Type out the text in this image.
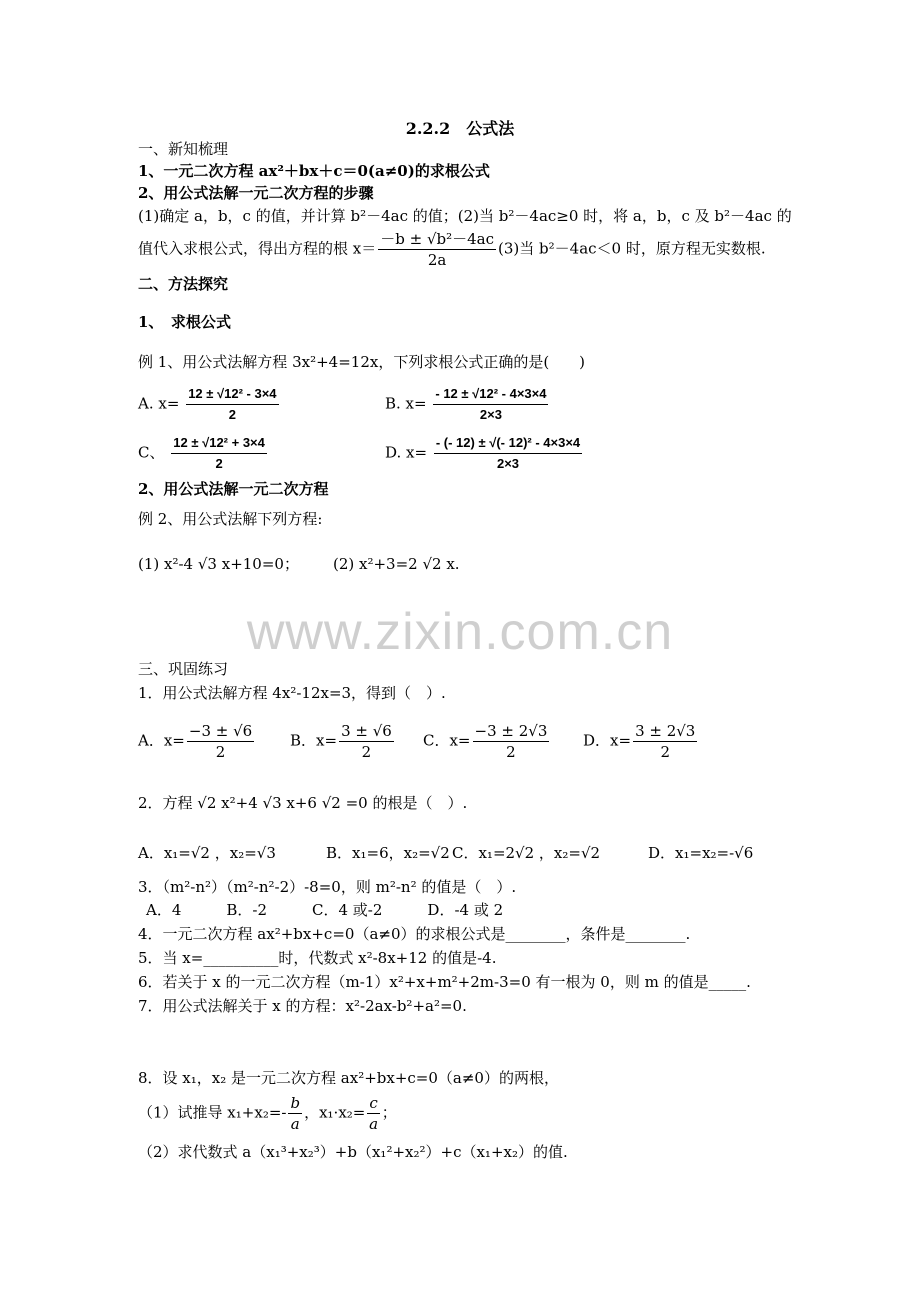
2.2.2　公式法
一、新知梳理
1、一元二次方程 ax²＋bx＋c＝0(a≠0)的求根公式
2、用公式法解一元二次方程的步骤
(1)确定 a，b，c 的值，并计算 b²－4ac 的值；(2)当 b²－4ac≥0 时，将 a，b，c 及 b²－4ac 的
值代入求根公式，得出方程的根 $x= \frac{\text{－b ± √b²－4ac}}{2a} (3)$当 b²－4ac＜0 时，原方程无实数根.
二、方法探究
1、　求根公式
例 1、用公式法解方程 3x²+4=12x，下列求根公式正确的是(　　)
A. $x= \frac{\text{12 ± √12² - 3×4}}{2}$	B. $x= \frac{\text{- 12 ± √12² - 4×3×4}}{2\times 3}$
C、 $\frac{\text{12 ± √12² + 3×4}}{2}$	D. $x= \frac{\text{- (- 12) ± √(- 12)² - 4×3×4}}{2\times 3}$
2、用公式法解一元二次方程
例 2、用公式法解下列方程:
(1) x²-4 √3 x+10=0； (2) x²+3=2 √2 x.
www.zixin.com.cn
三、巩固练习
1．用公式法解方程 4x²-12x=3，得到（　）.
A．$x= \frac{-3 \pm √6}{2}$ B．$x= \frac{3 \pm √6}{2}$ C．$x= \frac{-3 \pm 2√3}{2}$ D．$x= \frac{3 \pm 2√3}{2}$
2．方程 √2 x²+4 √3 x+6 √2 =0 的根是（　）.
A．x₁=√2 ，x₂=√3	B．x₁=6，x₂=√2 C．x₁=2√2 ，x₂=√2	D．x₁=x₂=-√6
3．（m²-n²）（m²-n²-2）-8=0，则 m²-n² 的值是（　）.
A．4　　　B．-2　　　C．4 或-2　　　D．-4 或 2
4．一元二次方程 ax²+bx+c=0（a≠0）的求根公式是________，条件是________.
5．当 x=__________时，代数式 x²-8x+12 的值是-4.
6．若关于 x 的一元二次方程（m-1）x²+x+m²+2m-3=0 有一根为 0，则 m 的值是_____.
7．用公式法解关于 x 的方程：x²-2ax-b²+a²=0.
8．设 x₁，x₂ 是一元二次方程 ax²+bx+c=0（a≠0）的两根，
（1）试推导 $x_1+x_2=- \frac{b}{a}$ ，$x_1\cdot x_2= \frac{c}{a}$ ；
（2）求代数式 a（x₁³+x₂³）+b（x₁²+x₂²）+c（x₁+x₂）的值.
